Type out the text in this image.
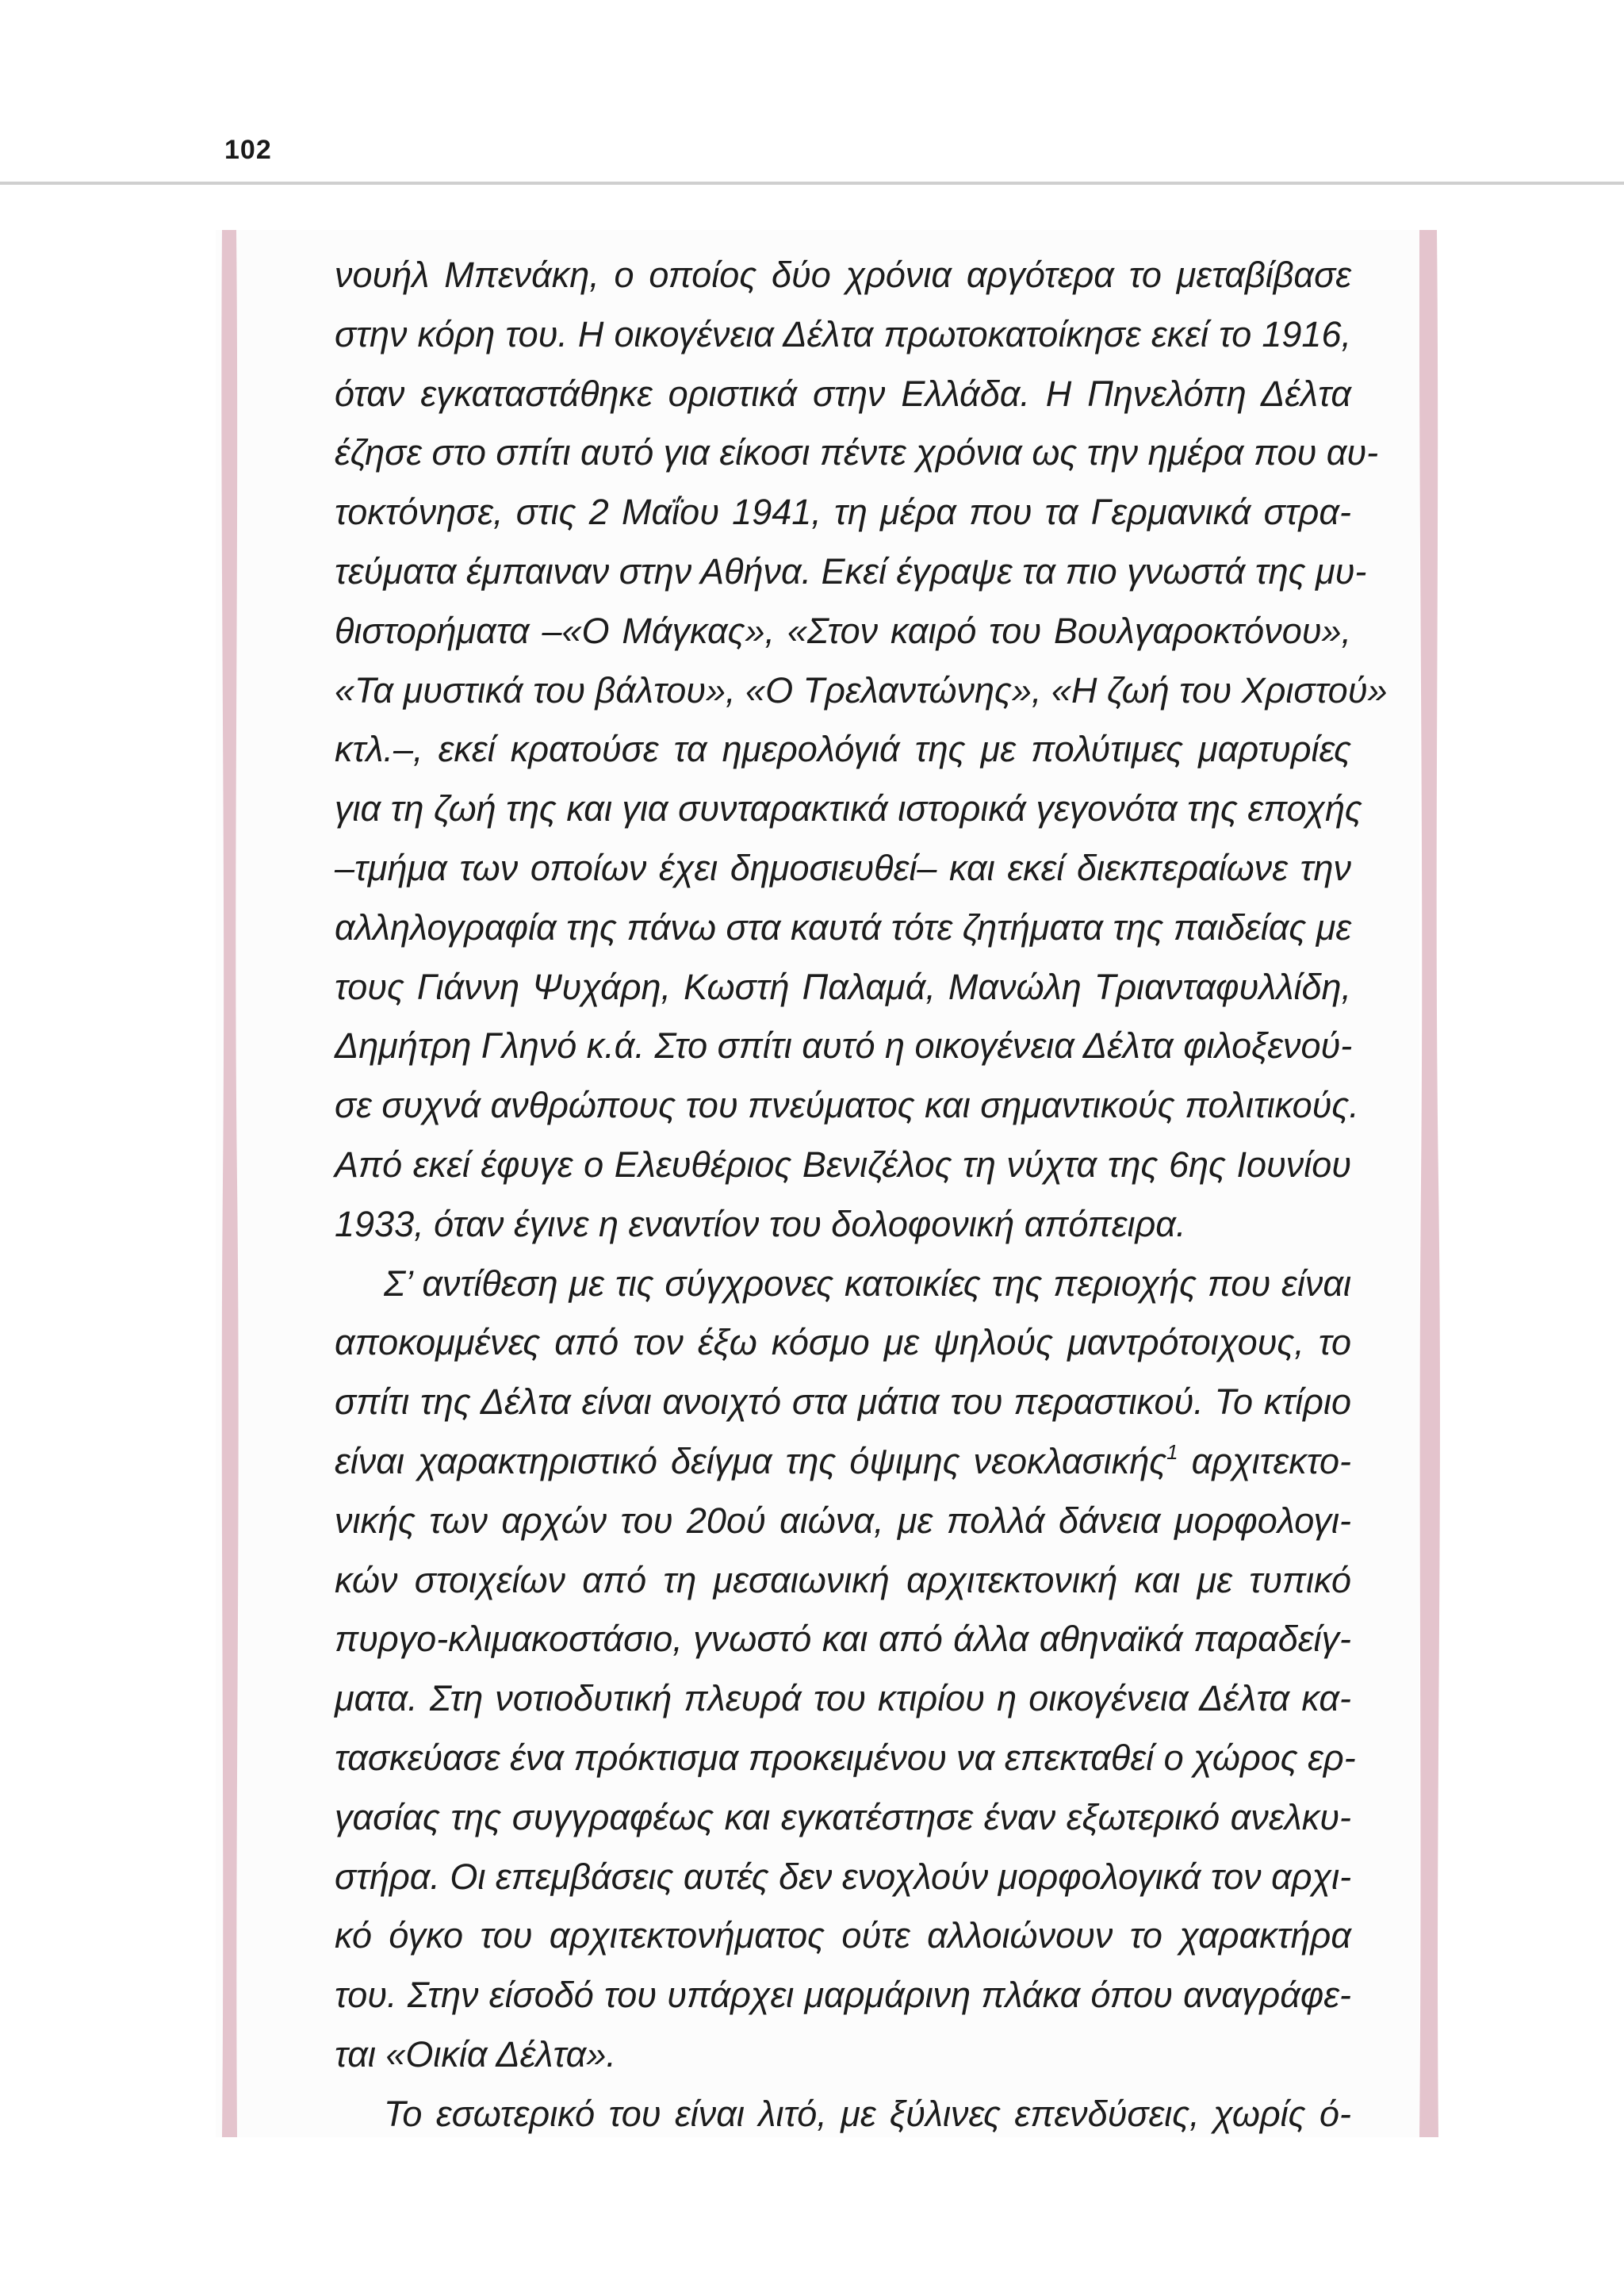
102
νουήλ Μπενάκη, ο οποίος δύο χρόνια αργότερα το μεταβίβασε
στην κόρη του. Η οικογένεια Δέλτα πρωτοκατοίκησε εκεί το 1916,
όταν εγκαταστάθηκε οριστικά στην Ελλάδα. Η Πηνελόπη Δέλτα
έζησε στο σπίτι αυτό για είκοσι πέντε χρόνια ως την ημέρα που αυ-
τοκτόνησε, στις 2 Μαΐου 1941, τη μέρα που τα Γερμανικά στρα-
τεύματα έμπαιναν στην Αθήνα. Εκεί έγραψε τα πιο γνωστά της μυ-
θιστορήματα –«Ο Μάγκας», «Στον καιρό του Βουλγαροκτόνου»,
«Τα μυστικά του βάλτου», «Ο Τρελαντώνης», «Η ζωή του Χριστού»
κτλ.–, εκεί κρατούσε τα ημερολόγιά της με πολύτιμες μαρτυρίες
για τη ζωή της και για συνταρακτικά ιστορικά γεγονότα της εποχής
–τμήμα των οποίων έχει δημοσιευθεί– και εκεί διεκπεραίωνε την
αλληλογραφία της πάνω στα καυτά τότε ζητήματα της παιδείας με
τους Γιάννη Ψυχάρη, Κωστή Παλαμά, Μανώλη Τριανταφυλλίδη,
Δημήτρη Γληνό κ.ά. Στο σπίτι αυτό η οικογένεια Δέλτα φιλοξενού-
σε συχνά ανθρώπους του πνεύματος και σημαντικούς πολιτικούς.
Από εκεί έφυγε ο Ελευθέριος Βενιζέλος τη νύχτα της 6ης Ιουνίου
1933, όταν έγινε η εναντίον του δολοφονική απόπειρα.
Σ’ αντίθεση με τις σύγχρονες κατοικίες της περιοχής που είναι
αποκομμένες από τον έξω κόσμο με ψηλούς μαντρότοιχους, το
σπίτι της Δέλτα είναι ανοιχτό στα μάτια του περαστικού. Το κτίριο
είναι χαρακτηριστικό δείγμα της όψιμης νεοκλασικής$^1$ αρχιτεκτο-
νικής των αρχών του 20ού αιώνα, με πολλά δάνεια μορφολογι-
κών στοιχείων από τη μεσαιωνική αρχιτεκτονική και με τυπικό
πυργο-κλιμακοστάσιο, γνωστό και από άλλα αθηναϊκά παραδείγ-
ματα. Στη νοτιοδυτική πλευρά του κτιρίου η οικογένεια Δέλτα κα-
τασκεύασε ένα πρόκτισμα προκειμένου να επεκταθεί ο χώρος ερ-
γασίας της συγγραφέως και εγκατέστησε έναν εξωτερικό ανελκυ-
στήρα. Οι επεμβάσεις αυτές δεν ενοχλούν μορφολογικά τον αρχι-
κό όγκο του αρχιτεκτονήματος ούτε αλλοιώνουν το χαρακτήρα
του. Στην είσοδό του υπάρχει μαρμάρινη πλάκα όπου αναγράφε-
ται «Οικία Δέλτα».
Το εσωτερικό του είναι λιτό, με ξύλινες επενδύσεις, χωρίς ό-
